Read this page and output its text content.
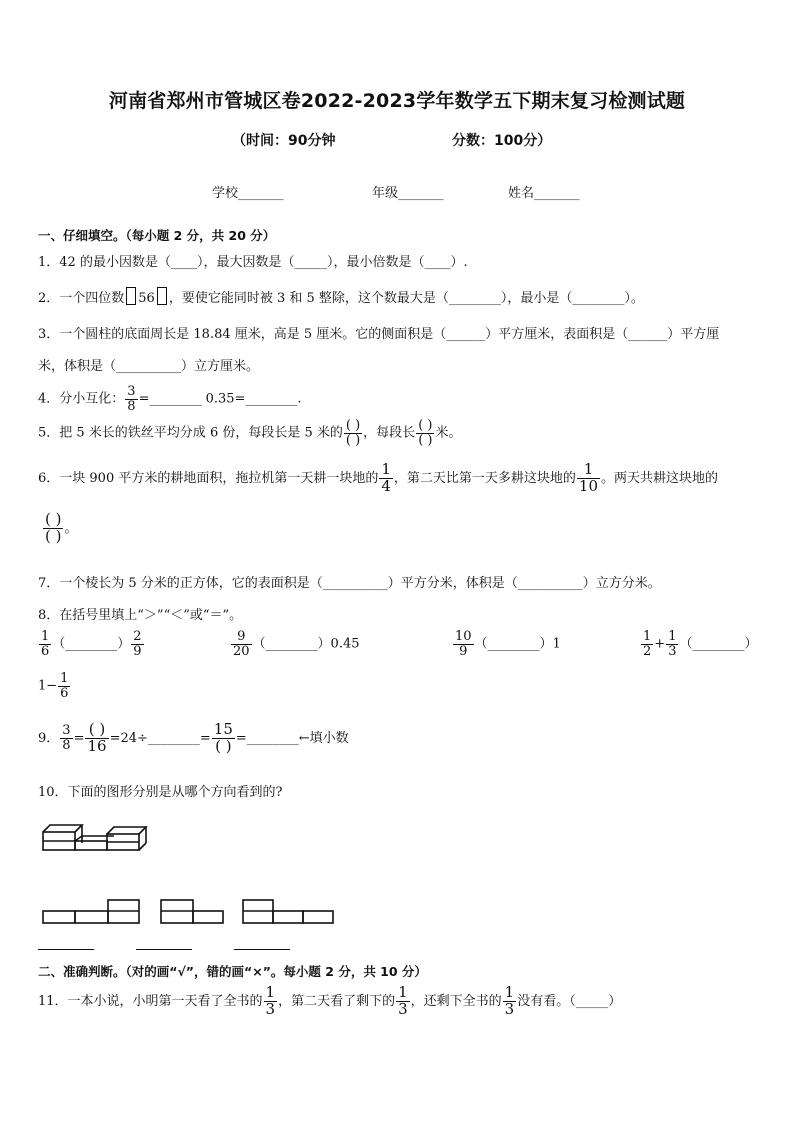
河南省郑州市管城区卷2022-2023学年数学五下期末复习检测试题
（时间：90分钟	分数：100分）
学校_______	年级_______	姓名_______
一、仔细填空。（每小题 2 分，共 20 分）
1．42 的最小因数是（____），最大因数是（_____），最小倍数是（____）.
2．一个四位数 56 ，要使它能同时被 3 和 5 整除，这个数最大是（________），最小是（________）。
3．一个圆柱的底面周长是 18.84 厘米，高是 5 厘米。它的侧面积是（______）平方厘米，表面积是（______）平方厘
米，体积是（__________）立方厘米。
4．分小互化： $\frac{3}{8}$ =________ 0.35=________.
5．把 5 米长的铁丝平均分成 6 份，每段长是 5 米的 $\frac{( )}{( )}$ ，每段长 $\frac{( )}{( )}$ 米。
6．一块 900 平方米的耕地面积，拖拉机第一天耕一块地的 $\frac{1}{4}$ ，第二天比第一天多耕这块地的 $\frac{1}{10}$ 。两天共耕这块地的
$\frac{( )}{( )}$ 。
7．一个棱长为 5 分米的正方体，它的表面积是（__________）平方分米，体积是（__________）立方分米。
8．在括号里填上“＞”“＜”或“＝”。
$\frac{1}{6}$ （________） $\frac{2}{9}$	$\frac{9}{20}$ （________）0.45	$\frac{10}{9}$ （________）1	$\frac{1}{2} + \frac{1}{3}$ （________）
$1- \frac{1}{6}$
9． $\frac{3}{8} = \frac{( )}{16}$ =24÷________= $\frac{15}{( )}$ =________←填小数
10．下面的图形分别是从哪个方向看到的?
二、准确判断。（对的画“√”，错的画“×”。每小题 2 分，共 10 分）
11．一本小说，小明第一天看了全书的 $\frac{1}{3}$ ，第二天看了剩下的 $\frac{1}{3}$ ，还剩下全书的 $\frac{1}{3}$ 没有看。（_____）
